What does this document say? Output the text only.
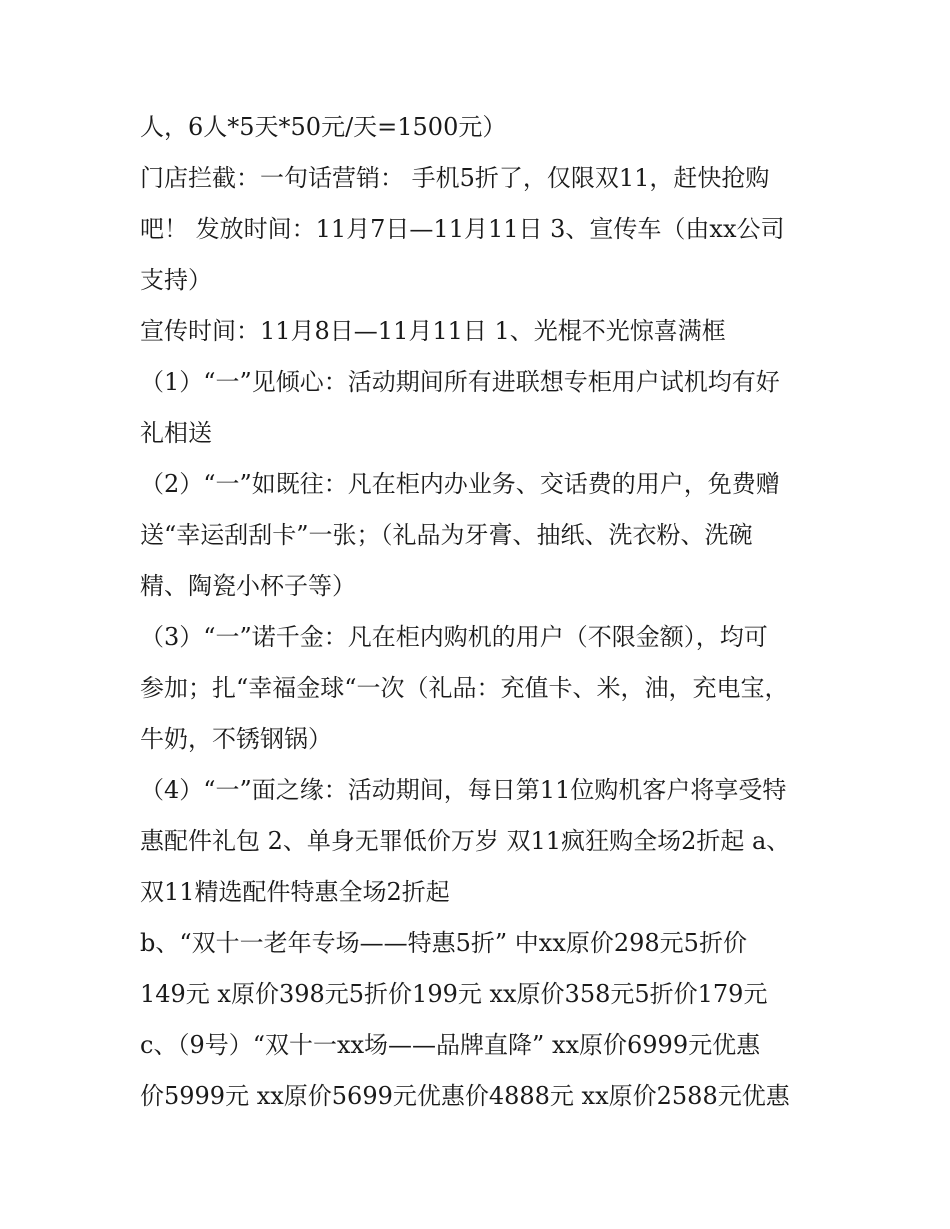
人，6人*5天*50元/天=1500元）
门店拦截：一句话营销： 手机5折了，仅限双11，赶快抢购
吧！ 发放时间：11月7日—11月11日 3、宣传车（由xx公司
支持）
宣传时间：11月8日—11月11日 1、光棍不光惊喜满框
（1）“一”见倾心：活动期间所有进联想专柜用户试机均有好
礼相送
（2）“一”如既往：凡在柜内办业务、交话费的用户，免费赠
送“幸运刮刮卡”一张；（礼品为牙膏、抽纸、洗衣粉、洗碗
精、陶瓷小杯子等）
（3）“一”诺千金：凡在柜内购机的用户（不限金额），均可
参加；扎“幸福金球“一次（礼品：充值卡、米，油，充电宝，
牛奶，不锈钢锅）
（4）“一”面之缘：活动期间，每日第11位购机客户将享受特
惠配件礼包 2、单身无罪低价万岁 双11疯狂购全场2折起 a、
双11精选配件特惠全场2折起
b、“双十一老年专场——特惠5折” 中xx原价298元5折价
149元 x原价398元5折价199元 xx原价358元5折价179元
c、（9号）“双十一xx场——品牌直降” xx原价6999元优惠
价5999元 xx原价5699元优惠价4888元 xx原价2588元优惠
